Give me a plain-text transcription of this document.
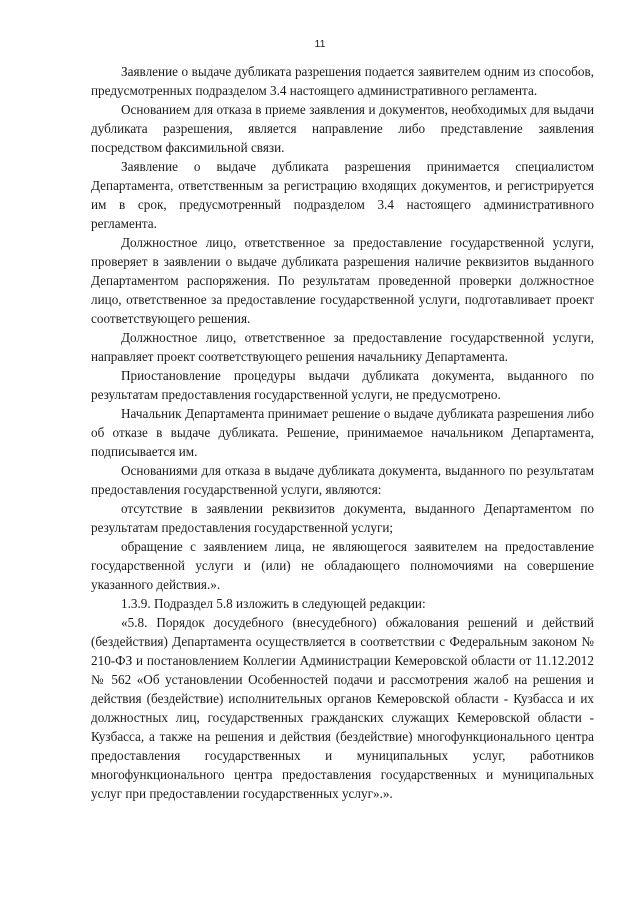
11

Заявление о выдаче дубликата разрешения подается заявителем одним из способов, предусмотренных подразделом 3.4 настоящего административного регламента.

Основанием для отказа в приеме заявления и документов, необходимых для выдачи дубликата разрешения, является направление либо представление заявления посредством факсимильной связи.

Заявление о выдаче дубликата разрешения принимается специалистом Департамента, ответственным за регистрацию входящих документов, и регистрируется им в срок, предусмотренный подразделом 3.4 настоящего административного регламента.

Должностное лицо, ответственное за предоставление государственной услуги, проверяет в заявлении о выдаче дубликата разрешения наличие реквизитов выданного Департаментом распоряжения. По результатам проведенной проверки должностное лицо, ответственное за предоставление государственной услуги, подготавливает проект соответствующего решения.

Должностное лицо, ответственное за предоставление государственной услуги, направляет проект соответствующего решения начальнику Департамента.

Приостановление процедуры выдачи дубликата документа, выданного по результатам предоставления государственной услуги, не предусмотрено.

Начальник Департамента принимает решение о выдаче дубликата разрешения либо об отказе в выдаче дубликата. Решение, принимаемое начальником Департамента, подписывается им.

Основаниями для отказа в выдаче дубликата документа, выданного по результатам предоставления государственной услуги, являются:

отсутствие в заявлении реквизитов документа, выданного Департаментом по результатам предоставления государственной услуги;

обращение с заявлением лица, не являющегося заявителем на предоставление государственной услуги и (или) не обладающего полномочиями на совершение указанного действия.».

1.3.9. Подраздел 5.8 изложить в следующей редакции:

«5.8. Порядок досудебного (внесудебного) обжалования решений и действий (бездействия) Департамента осуществляется в соответствии с Федеральным законом № 210-ФЗ и постановлением Коллегии Администрации Кемеровской области от 11.12.2012 № 562 «Об установлении Особенностей подачи и рассмотрения жалоб на решения и действия (бездействие) исполнительных органов Кемеровской области - Кузбасса и их должностных лиц, государственных гражданских служащих Кемеровской области - Кузбасса, а также на решения и действия (бездействие) многофункционального центра предоставления государственных и муниципальных услуг, работников многофункционального центра предоставления государственных и муниципальных услуг при предоставлении государственных услуг».».
